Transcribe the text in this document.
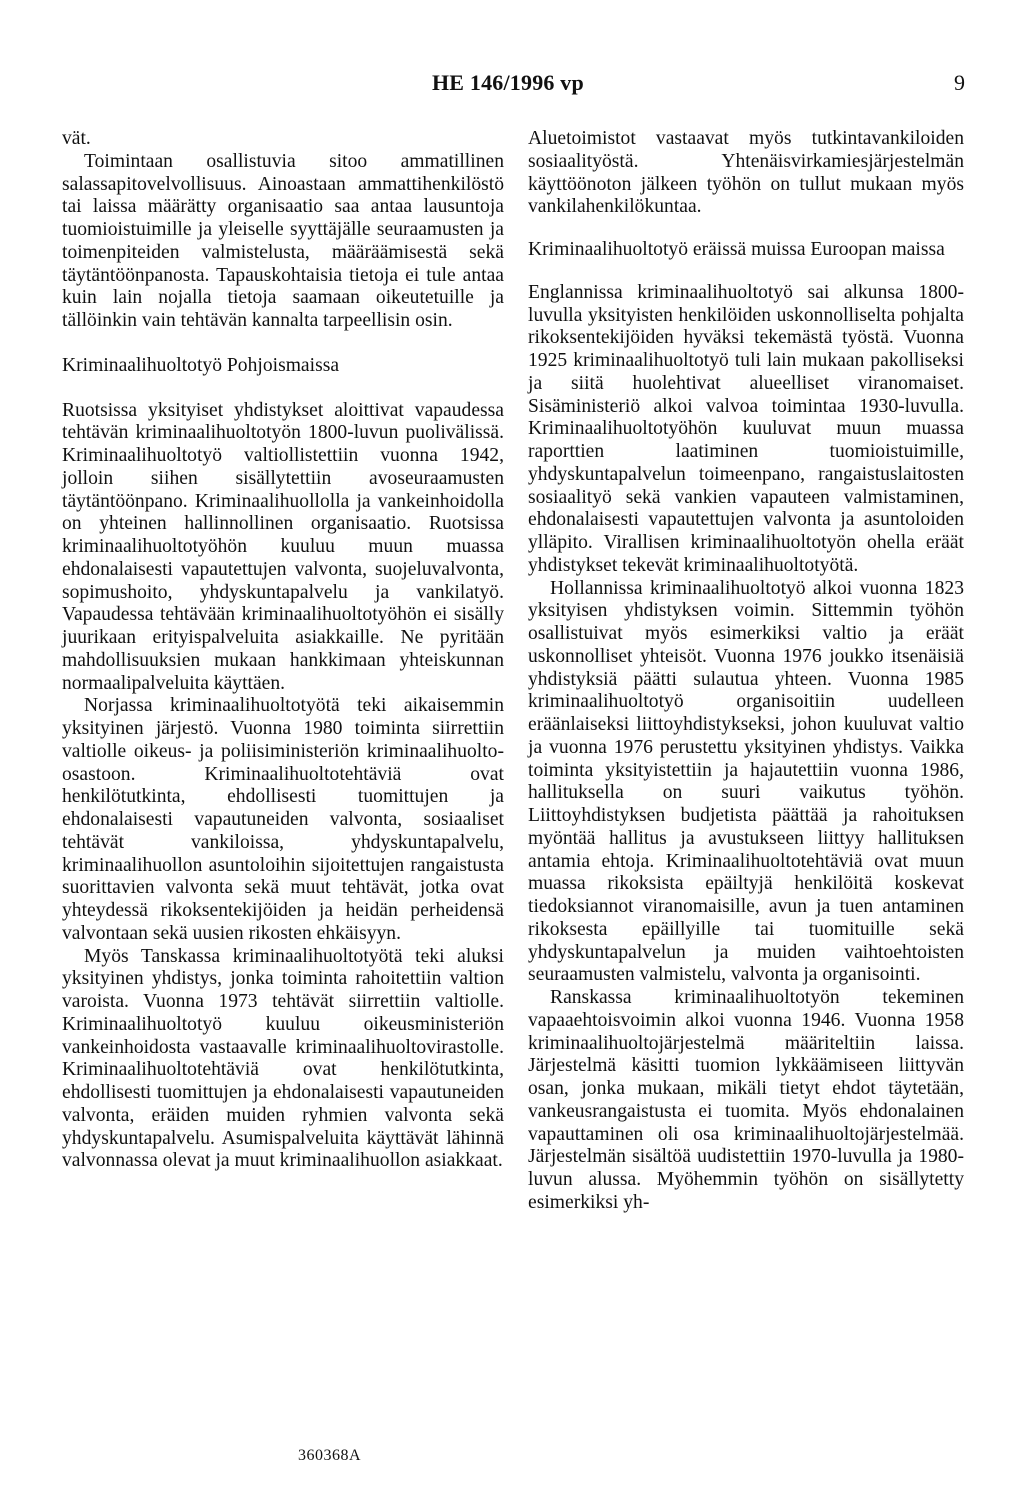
HE 146/1996 vp	9

vät.

Toimintaan osallistuvia sitoo ammatillinen salassapitovelvollisuus. Ainoastaan ammattihenkilöstö tai laissa määrätty organisaatio saa antaa lausuntoja tuomioistuimille ja yleiselle syyttäjälle seuraamusten ja toimenpiteiden valmistelusta, määräämisestä sekä täytäntöönpanosta. Tapauskohtaisia tietoja ei tule antaa kuin lain nojalla tietoja saamaan oikeutetuille ja tällöinkin vain tehtävän kannalta tarpeellisin osin.

Kriminaalihuoltotyö Pohjoismaissa

Ruotsissa yksityiset yhdistykset aloittivat vapaudessa tehtävän kriminaalihuoltotyön 1800-luvun puolivälissä. Kriminaalihuoltotyö valtiollistettiin vuonna 1942, jolloin siihen sisällytettiin avoseuraamusten täytäntöönpano. Kriminaalihuollolla ja vankeinhoidolla on yhteinen hallinnollinen organisaatio. Ruotsissa kriminaalihuoltotyöhön kuuluu muun muassa ehdonalaisesti vapautettujen valvonta, suojeluvalvonta, sopimushoito, yhdyskuntapalvelu ja vankilatyö. Vapaudessa tehtävään kriminaalihuoltotyöhön ei sisälly juurikaan erityispalveluita asiakkaille. Ne pyritään mahdollisuuksien mukaan hankkimaan yhteiskunnan normaalipalveluita käyttäen.

Norjassa kriminaalihuoltotyötä teki aikaisemmin yksityinen järjestö. Vuonna 1980 toiminta siirrettiin valtiolle oikeus- ja poliisiministeriön kriminaalihuolto-osastoon. Kriminaalihuoltotehtäviä ovat henkilötutkinta, ehdollisesti tuomittujen ja ehdonalaisesti vapautuneiden valvonta, sosiaaliset tehtävät vankiloissa, yhdyskuntapalvelu, kriminaalihuollon asuntoloihin sijoitettujen rangaistusta suorittavien valvonta sekä muut tehtävät, jotka ovat yhteydessä rikoksentekijöiden ja heidän perheidensä valvontaan sekä uusien rikosten ehkäisyyn.

Myös Tanskassa kriminaalihuoltotyötä teki aluksi yksityinen yhdistys, jonka toiminta rahoitettiin valtion varoista. Vuonna 1973 tehtävät siirrettiin valtiolle. Kriminaalihuoltotyö kuuluu oikeusministeriön vankeinhoidosta vastaavalle kriminaalihuoltovirastolle. Kriminaalihuoltotehtäviä ovat henkilötutkinta, ehdollisesti tuomittujen ja ehdonalaisesti vapautuneiden valvonta, eräiden muiden ryhmien valvonta sekä yhdyskuntapalvelu. Asumispalveluita käyttävät lähinnä valvonnassa olevat ja muut kriminaalihuollon asiakkaat.

Aluetoimistot vastaavat myös tutkintavankiloiden sosiaalityöstä. Yhtenäisvirkamiesjärjestelmän käyttöönoton jälkeen työhön on tullut mukaan myös vankilahenkilökuntaa.

Kriminaalihuoltotyö eräissä muissa Euroopan maissa

Englannissa kriminaalihuoltotyö sai alkunsa 1800-luvulla yksityisten henkilöiden uskonnolliselta pohjalta rikoksentekijöiden hyväksi tekemästä työstä. Vuonna 1925 kriminaalihuoltotyö tuli lain mukaan pakolliseksi ja siitä huolehtivat alueelliset viranomaiset. Sisäministeriö alkoi valvoa toimintaa 1930-luvulla. Kriminaalihuoltotyöhön kuuluvat muun muassa raporttien laatiminen tuomioistuimille, yhdyskuntapalvelun toimeenpano, rangaistuslaitosten sosiaalityö sekä vankien vapauteen valmistaminen, ehdonalaisesti vapautettujen valvonta ja asuntoloiden ylläpito. Virallisen kriminaalihuoltotyön ohella eräät yhdistykset tekevät kriminaalihuoltotyötä.

Hollannissa kriminaalihuoltotyö alkoi vuonna 1823 yksityisen yhdistyksen voimin. Sittemmin työhön osallistuivat myös esimerkiksi valtio ja eräät uskonnolliset yhteisöt. Vuonna 1976 joukko itsenäisiä yhdistyksiä päätti sulautua yhteen. Vuonna 1985 kriminaalihuoltotyö organisoitiin uudelleen eräänlaiseksi liittoyhdistykseksi, johon kuuluvat valtio ja vuonna 1976 perustettu yksityinen yhdistys. Vaikka toiminta yksityistettiin ja hajautettiin vuonna 1986, hallituksella on suuri vaikutus työhön. Liittoyhdistyksen budjetista päättää ja rahoituksen myöntää hallitus ja avustukseen liittyy hallituksen antamia ehtoja. Kriminaalihuoltotehtäviä ovat muun muassa rikoksista epäiltyjä henkilöitä koskevat tiedoksiannot viranomaisille, avun ja tuen antaminen rikoksesta epäillyille tai tuomituille sekä yhdyskuntapalvelun ja muiden vaihtoehtoisten seuraamusten valmistelu, valvonta ja organisointi.

Ranskassa kriminaalihuoltotyön tekeminen vapaaehtoisvoimin alkoi vuonna 1946. Vuonna 1958 kriminaalihuoltojärjestelmä määriteltiin laissa. Järjestelmä käsitti tuomion lykkäämiseen liittyvän osan, jonka mukaan, mikäli tietyt ehdot täytetään, vankeusrangaistusta ei tuomita. Myös ehdonalainen vapauttaminen oli osa kriminaalihuoltojärjestelmää. Järjestelmän sisältöä uudistettiin 1970-luvulla ja 1980-luvun alussa. Myöhemmin työhön on sisällytetty esimerkiksi yh-

360368A
